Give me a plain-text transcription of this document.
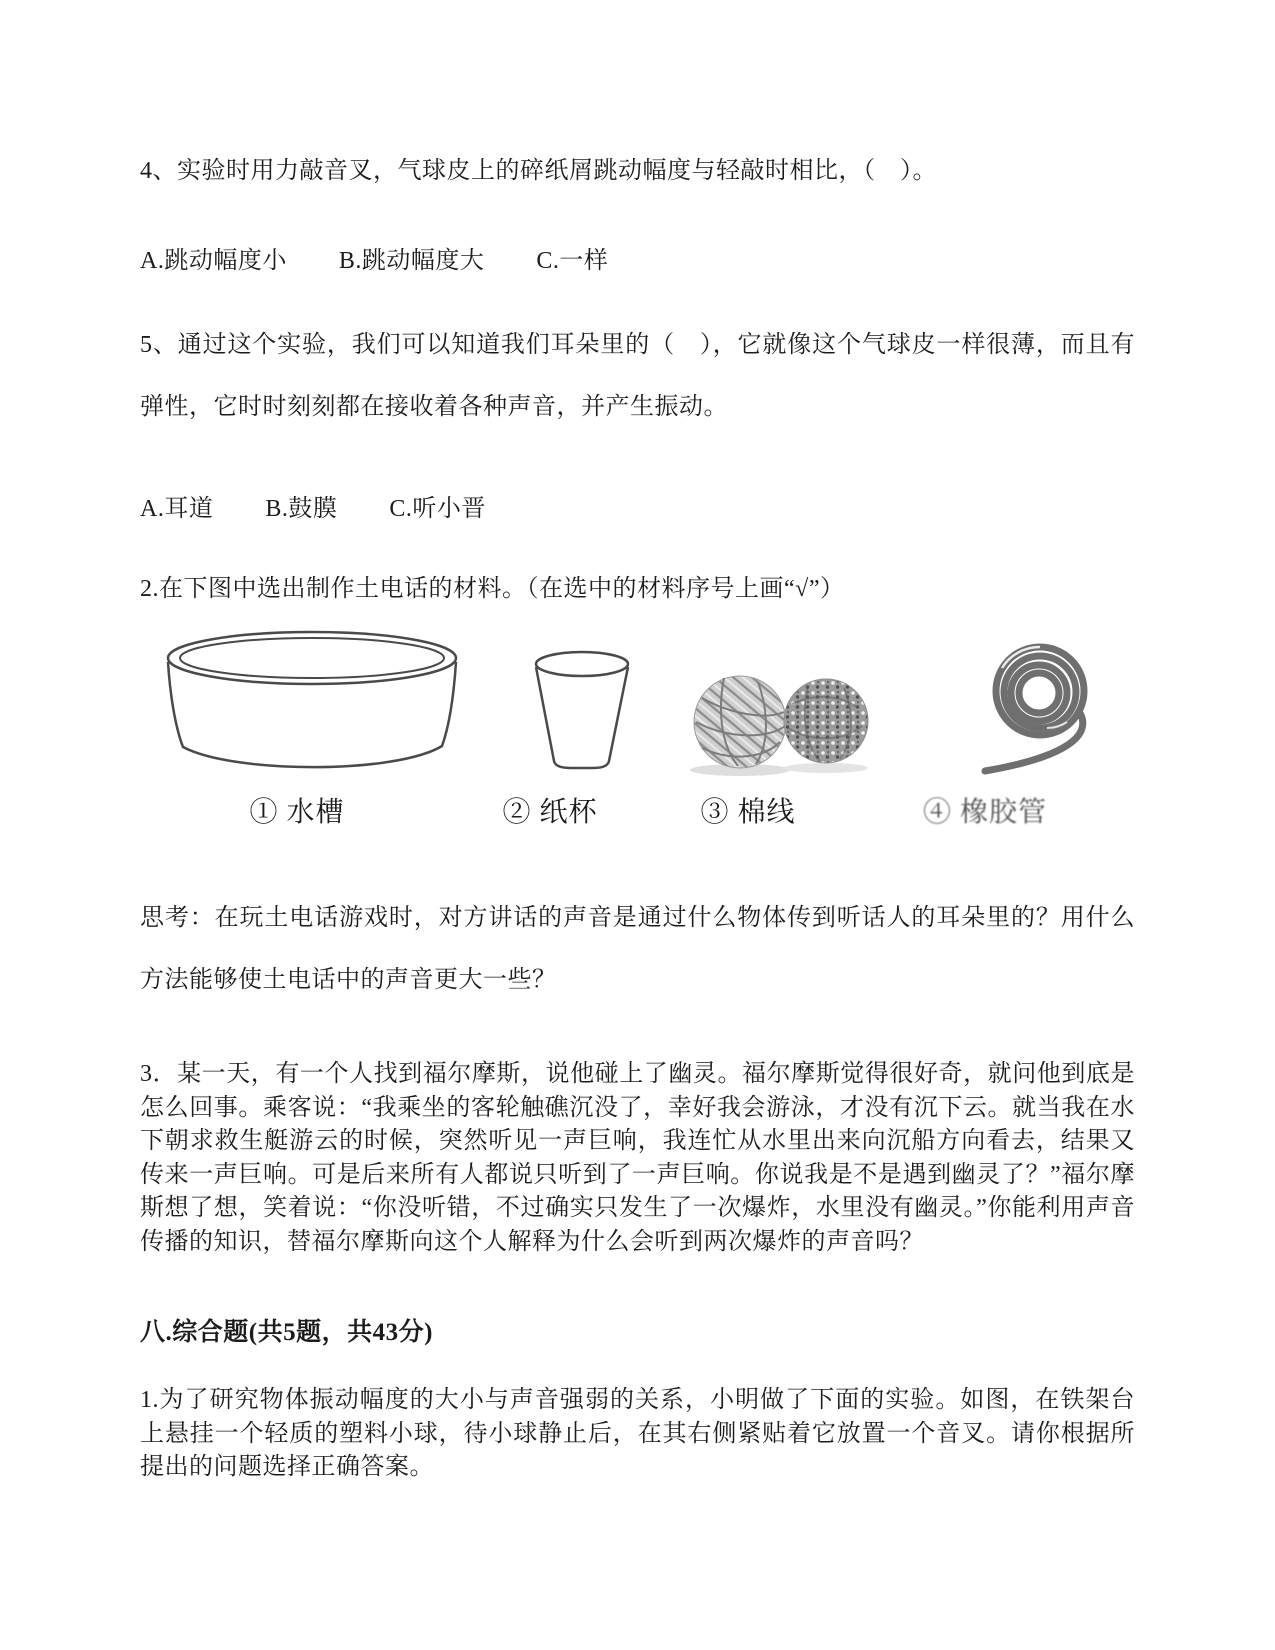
4、实验时用力敲音叉，气球皮上的碎纸屑跳动幅度与轻敲时相比，（　）。
A.跳动幅度小 B.跳动幅度大 C.一样
5、通过这个实验，我们可以知道我们耳朵里的（　），它就像这个气球皮一样很薄，而且有弹性，它时时刻刻都在接收着各种声音，并产生振动。
A.耳道 B.鼓膜 C.听小晋
2.在下图中选出制作土电话的材料。（在选中的材料序号上画“√”）
① 水槽	② 纸杯	③ 棉线	④ 橡胶管
思考：在玩土电话游戏时，对方讲话的声音是通过什么物体传到听话人的耳朵里的？用什么方法能够使土电话中的声音更大一些？
3．某一天，有一个人找到福尔摩斯，说他碰上了幽灵。福尔摩斯觉得很好奇，就问他到底是怎么回事。乘客说：“我乘坐的客轮触礁沉没了，幸好我会游泳，才没有沉下云。就当我在水下朝求救生艇游云的时候，突然听见一声巨响，我连忙从水里出来向沉船方向看去，结果又传来一声巨响。可是后来所有人都说只听到了一声巨响。你说我是不是遇到幽灵了？”福尔摩斯想了想，笑着说：“你没听错，不过确实只发生了一次爆炸，水里没有幽灵。”你能利用声音传播的知识，替福尔摩斯向这个人解释为什么会听到两次爆炸的声音吗？
八.综合题(共5题，共43分)
1.为了研究物体振动幅度的大小与声音强弱的关系，小明做了下面的实验。如图，在铁架台上悬挂一个轻质的塑料小球，待小球静止后，在其右侧紧贴着它放置一个音叉。请你根据所提出的问题选择正确答案。
